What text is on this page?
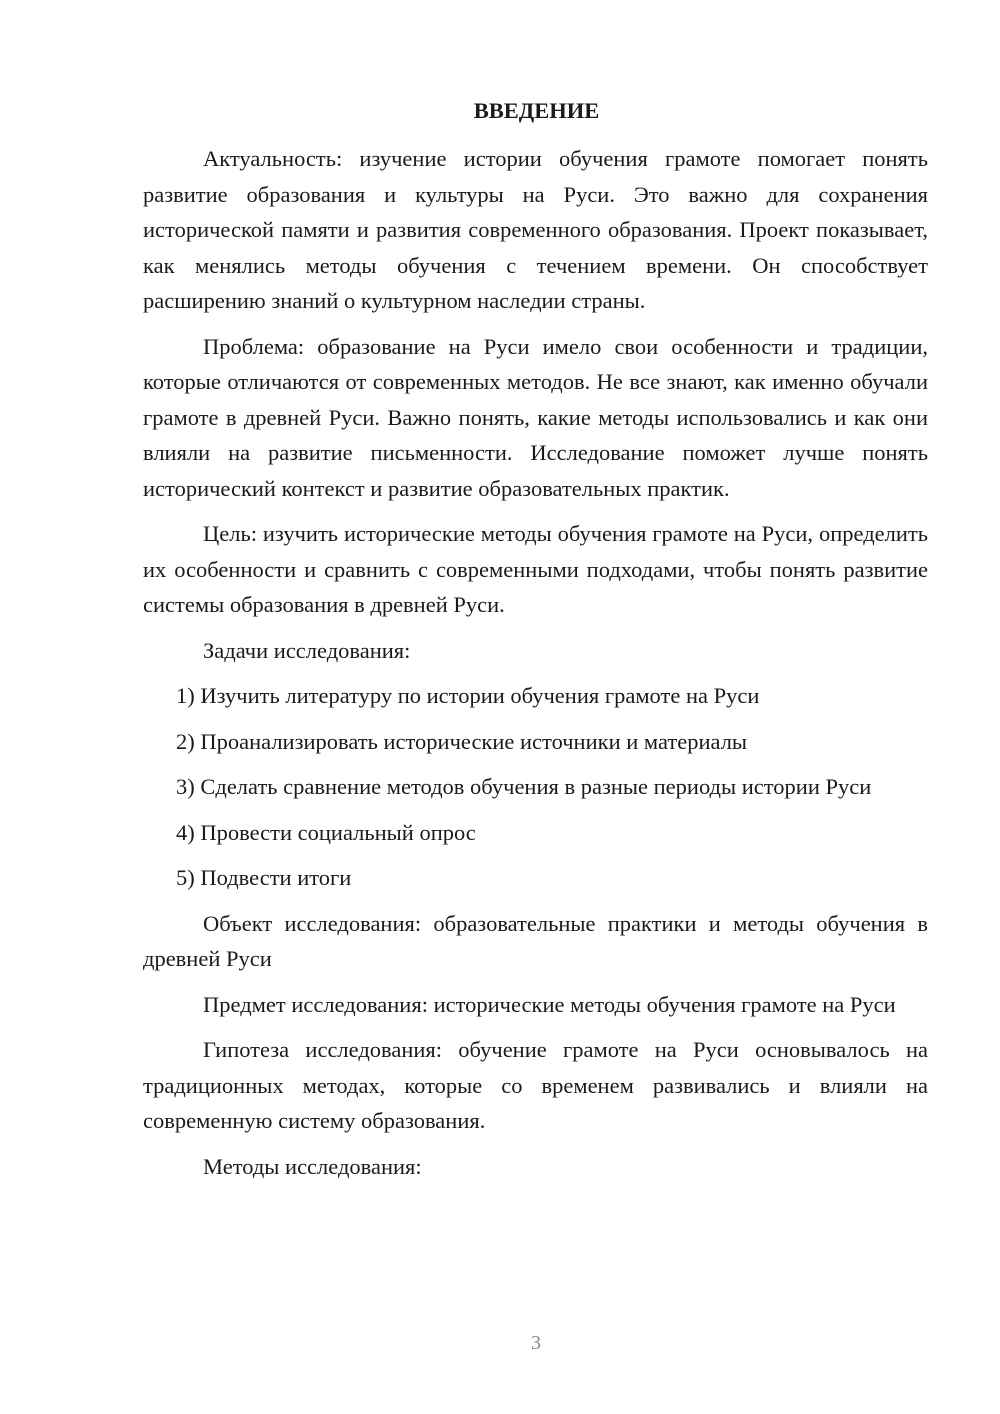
ВВЕДЕНИЕ

Актуальность: изучение истории обучения грамоте помогает понять развитие образования и культуры на Руси. Это важно для сохранения исторической памяти и развития современного образования. Проект показывает, как менялись методы обучения с течением времени. Он способствует расширению знаний о культурном наследии страны.

Проблема: образование на Руси имело свои особенности и традиции, которые отличаются от современных методов. Не все знают, как именно обучали грамоте в древней Руси. Важно понять, какие методы использовались и как они влияли на развитие письменности. Исследование поможет лучше понять исторический контекст и развитие образовательных практик.

Цель: изучить исторические методы обучения грамоте на Руси, определить их особенности и сравнить с современными подходами, чтобы понять развитие системы образования в древней Руси.

Задачи исследования:

1) Изучить литературу по истории обучения грамоте на Руси

2) Проанализировать исторические источники и материалы

3) Сделать сравнение методов обучения в разные периоды истории Руси

4) Провести социальный опрос

5) Подвести итоги

Объект исследования: образовательные практики и методы обучения в древней Руси

Предмет исследования: исторические методы обучения грамоте на Руси

Гипотеза исследования: обучение грамоте на Руси основывалось на традиционных методах, которые со временем развивались и влияли на современную систему образования.

Методы исследования:

3
